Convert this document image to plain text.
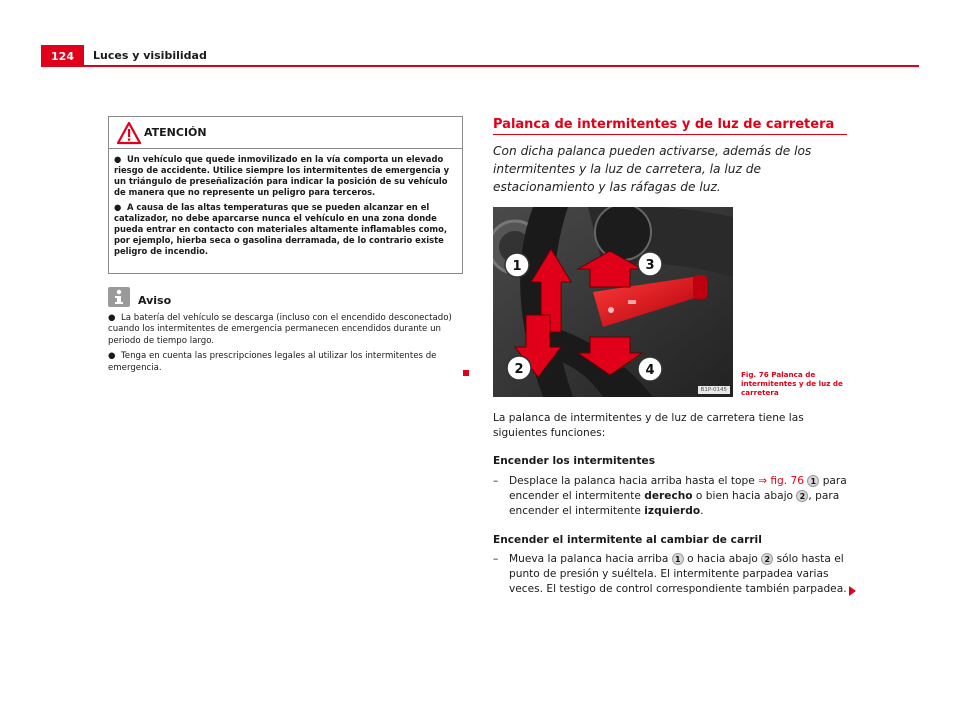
124	Luces y visibilidad
ATENCIÓN
● Un vehículo que quede inmovilizado en la vía comporta un elevado riesgo de accidente. Utilice siempre los intermitentes de emergencia y un triángulo de preseñalización para indicar la posición de su vehículo de manera que no represente un peligro para terceros.
● A causa de las altas temperaturas que se pueden alcanzar en el catalizador, no debe aparcarse nunca el vehículo en una zona donde pueda entrar en contacto con materiales altamente inflamables como, por ejemplo, hierba seca o gasolina derramada, de lo contrario existe peligro de incendio.
Aviso
● La batería del vehículo se descarga (incluso con el encendido desconectado) cuando los intermitentes de emergencia permanecen encendidos durante un periodo de tiempo largo.
● Tenga en cuenta las prescripciones legales al utilizar los intermitentes de emergencia.
Palanca de intermitentes y de luz de carretera
Con dicha palanca pueden activarse, además de los intermitentes y la luz de carretera, la luz de estacionamiento y las ráfagas de luz.
1
2
3
4
B1P-0145
Fig. 76 Palanca de intermitentes y de luz de carretera
La palanca de intermitentes y de luz de carretera tiene las siguientes funciones:
Encender los intermitentes
– Desplace la palanca hacia arriba hasta el tope ⇒ fig. 76 1 para encender el intermitente derecho o bien hacia abajo 2 , para encender el intermitente izquierdo.
Encender el intermitente al cambiar de carril
– Mueva la palanca hacia arriba 1 o hacia abajo 2 sólo hasta el punto de presión y suéltela. El intermitente parpadea varias veces. El testigo de control correspondiente también parpadea.
